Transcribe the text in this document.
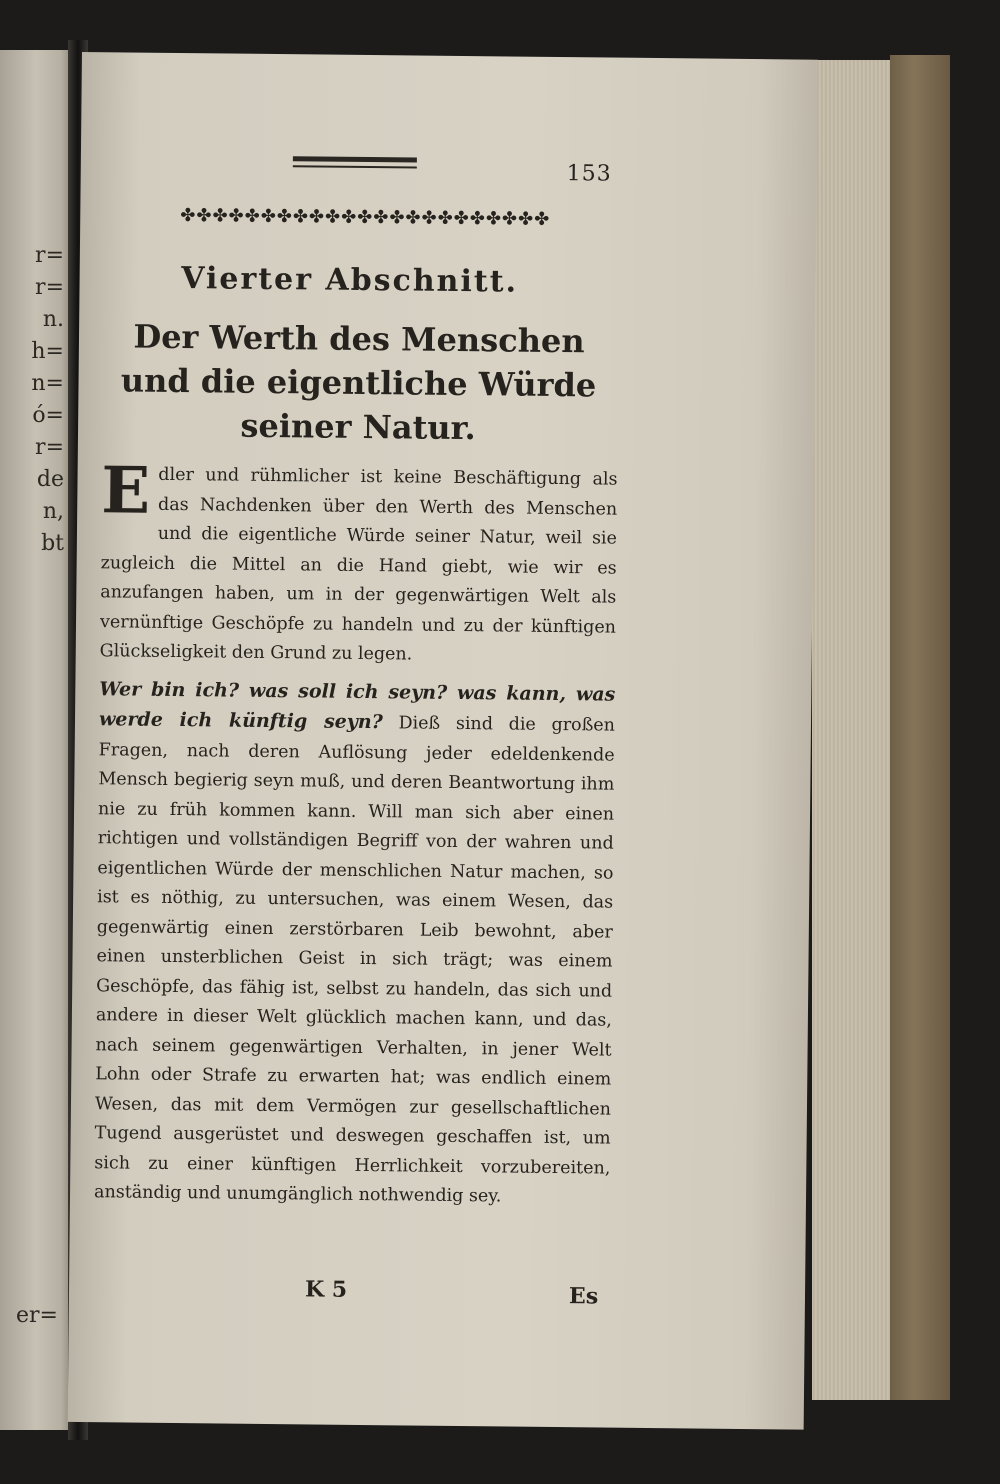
r=
r=
n.
h=
n=
ó=
r=
de
n,
bt
er=
153
✤✤✤✤✤✤✤✤✤✤✤✤✤✤✤✤✤✤✤✤✤✤✤
Vierter Abschnitt.
Der Werth des Menschen und die eigentliche Würde seiner Natur.

Edler und rühmlicher ist keine Beschäftigung als das Nachdenken über den Werth des Menschen und die eigentliche Würde seiner Natur, weil sie zugleich die Mittel an die Hand giebt, wie wir es anzufangen haben, um in der gegenwärtigen Welt als vernünftige Geschöpfe zu handeln und zu der künftigen Glückseligkeit den Grund zu legen.

Wer bin ich? was soll ich seyn? was kann, was werde ich künftig seyn? Dieß sind die großen Fragen, nach deren Auflösung jeder edeldenkende Mensch begierig seyn muß, und deren Beantwortung ihm nie zu früh kommen kann. Will man sich aber einen richtigen und vollständigen Begriff von der wahren und eigentlichen Würde der menschlichen Natur machen, so ist es nöthig, zu untersuchen, was einem Wesen, das gegenwärtig einen zerstörbaren Leib bewohnt, aber einen unsterblichen Geist in sich trägt; was einem Geschöpfe, das fähig ist, selbst zu handeln, das sich und andere in dieser Welt glücklich machen kann, und das, nach seinem gegenwärtigen Verhalten, in jener Welt Lohn oder Strafe zu erwarten hat; was endlich einem Wesen, das mit dem Vermögen zur gesellschaftlichen Tugend ausgerüstet und deswegen geschaffen ist, um sich zu einer künftigen Herrlichkeit vorzubereiten, anständig und unumgänglich nothwendig sey.

K 5	Es
